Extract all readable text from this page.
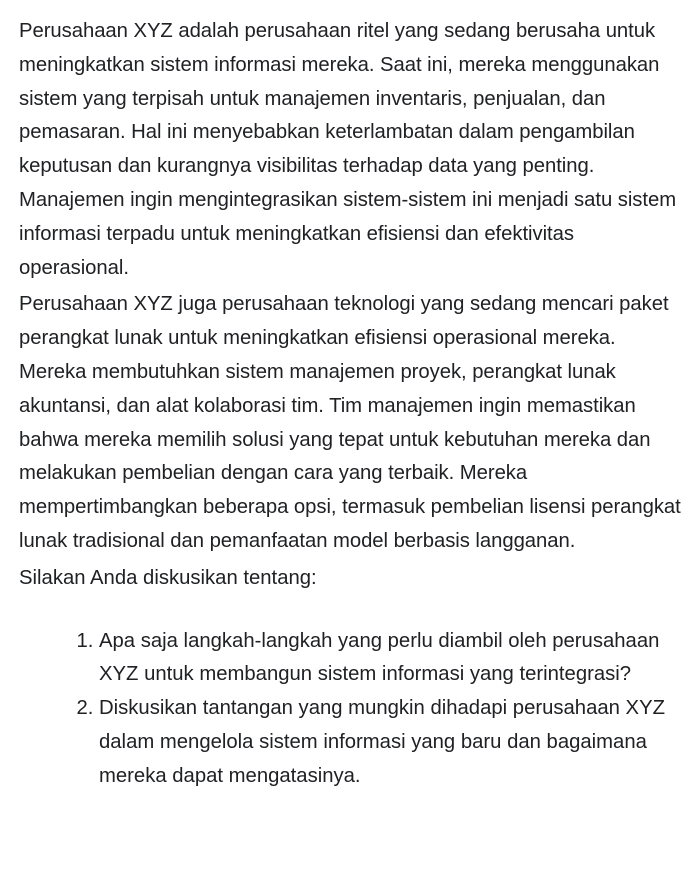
Perusahaan XYZ adalah perusahaan ritel yang sedang berusaha untuk meningkatkan sistem informasi mereka. Saat ini, mereka menggunakan sistem yang terpisah untuk manajemen inventaris, penjualan, dan pemasaran. Hal ini menyebabkan keterlambatan dalam pengambilan keputusan dan kurangnya visibilitas terhadap data yang penting. Manajemen ingin mengintegrasikan sistem-sistem ini menjadi satu sistem informasi terpadu untuk meningkatkan efisiensi dan efektivitas operasional.

Perusahaan XYZ juga perusahaan teknologi yang sedang mencari paket perangkat lunak untuk meningkatkan efisiensi operasional mereka. Mereka membutuhkan sistem manajemen proyek, perangkat lunak akuntansi, dan alat kolaborasi tim. Tim manajemen ingin memastikan bahwa mereka memilih solusi yang tepat untuk kebutuhan mereka dan melakukan pembelian dengan cara yang terbaik. Mereka mempertimbangkan beberapa opsi, termasuk pembelian lisensi perangkat lunak tradisional dan pemanfaatan model berbasis langganan.

Silakan Anda diskusikan tentang:

1. Apa saja langkah-langkah yang perlu diambil oleh perusahaan XYZ untuk membangun sistem informasi yang terintegrasi?
2. Diskusikan tantangan yang mungkin dihadapi perusahaan XYZ dalam mengelola sistem informasi yang baru dan bagaimana mereka dapat mengatasinya.
